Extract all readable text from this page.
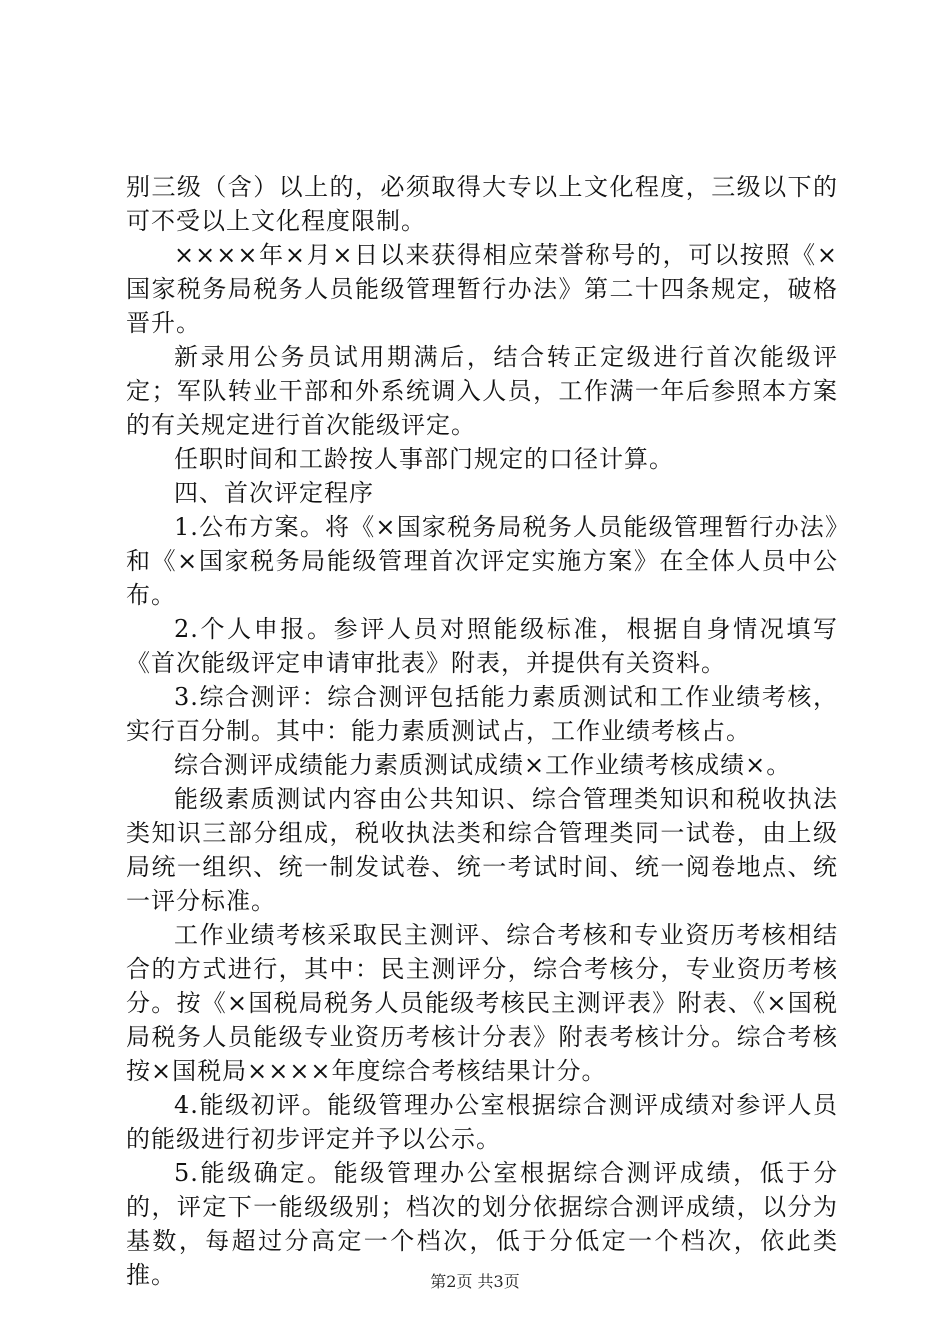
别三级（含）以上的，必须取得大专以上文化程度，三级以下的可不受以上文化程度限制。

××××年×月×日以来获得相应荣誉称号的，可以按照《×国家税务局税务人员能级管理暂行办法》第二十四条规定，破格晋升。

新录用公务员试用期满后，结合转正定级进行首次能级评定；军队转业干部和外系统调入人员，工作满一年后参照本方案的有关规定进行首次能级评定。

任职时间和工龄按人事部门规定的口径计算。

四、首次评定程序

1.公布方案。将《×国家税务局税务人员能级管理暂行办法》和《×国家税务局能级管理首次评定实施方案》在全体人员中公布。

2.个人申报。参评人员对照能级标准，根据自身情况填写《首次能级评定申请审批表》附表，并提供有关资料。

3.综合测评：综合测评包括能力素质测试和工作业绩考核，实行百分制。其中：能力素质测试占，工作业绩考核占。

综合测评成绩能力素质测试成绩×工作业绩考核成绩×。

能级素质测试内容由公共知识、综合管理类知识和税收执法类知识三部分组成，税收执法类和综合管理类同一试卷，由上级局统一组织、统一制发试卷、统一考试时间、统一阅卷地点、统一评分标准。

工作业绩考核采取民主测评、综合考核和专业资历考核相结合的方式进行，其中：民主测评分，综合考核分，专业资历考核分。按《×国税局税务人员能级考核民主测评表》附表、《×国税局税务人员能级专业资历考核计分表》附表考核计分。综合考核按×国税局××××年度综合考核结果计分。

4.能级初评。能级管理办公室根据综合测评成绩对参评人员的能级进行初步评定并予以公示。

5.能级确定。能级管理办公室根据综合测评成绩，低于分的，评定下一能级级别；档次的划分依据综合测评成绩，以分为基数，每超过分高定一个档次，低于分低定一个档次，依此类推。	第2页 共3页
